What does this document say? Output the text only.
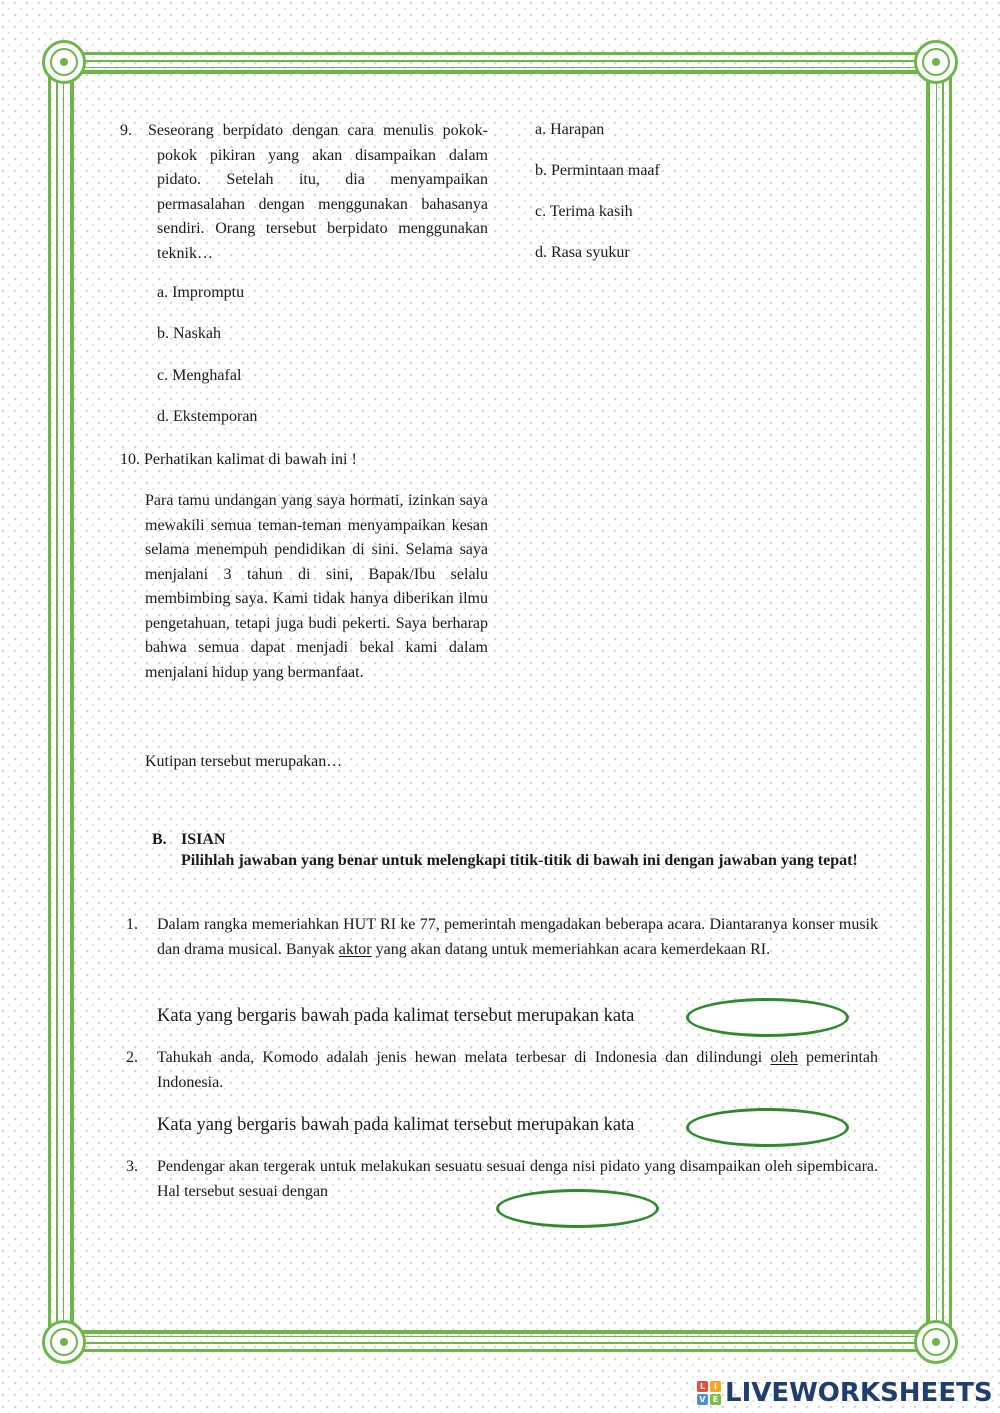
9.	Seseorang berpidato dengan cara menulis pokok-pokok pikiran yang akan disampaikan dalam pidato. Setelah itu, dia menyampaikan permasalahan dengan menggunakan bahasanya sendiri. Orang tersebut berpidato menggunakan teknik…
a. Impromptu
b. Naskah
c. Menghafal
d. Ekstemporan
10. Perhatikan kalimat di bawah ini !
Para tamu undangan yang saya hormati, izinkan saya mewakili semua teman-teman menyampaikan kesan selama menempuh pendidikan di sini. Selama saya menjalani 3 tahun di sini, Bapak/Ibu selalu membimbing saya. Kami tidak hanya diberikan ilmu pengetahuan, tetapi juga budi pekerti. Saya berharap bahwa semua dapat menjadi bekal kami dalam menjalani hidup yang bermanfaat.
Kutipan tersebut merupakan…
a. Harapan
b. Permintaan maaf
c. Terima kasih
d. Rasa syukur
B. ISIAN
Pilihlah jawaban yang benar untuk melengkapi titik-titik di bawah ini dengan jawaban yang tepat!
1. Dalam rangka memeriahkan HUT RI ke 77, pemerintah mengadakan beberapa acara. Diantaranya konser musik dan drama musical. Banyak aktor yang akan datang untuk memeriahkan acara kemerdekaan RI.
Kata yang bergaris bawah pada kalimat tersebut merupakan kata
2. Tahukah anda, Komodo adalah jenis hewan melata terbesar di Indonesia dan dilindungi oleh pemerintah Indonesia.
Kata yang bergaris bawah pada kalimat tersebut merupakan kata
3. Pendengar akan tergerak untuk melakukan sesuatu sesuai denga nisi pidato yang disampaikan oleh sipembicara. Hal tersebut sesuai dengan
L	I
V E LIVEWORKSHEETS
